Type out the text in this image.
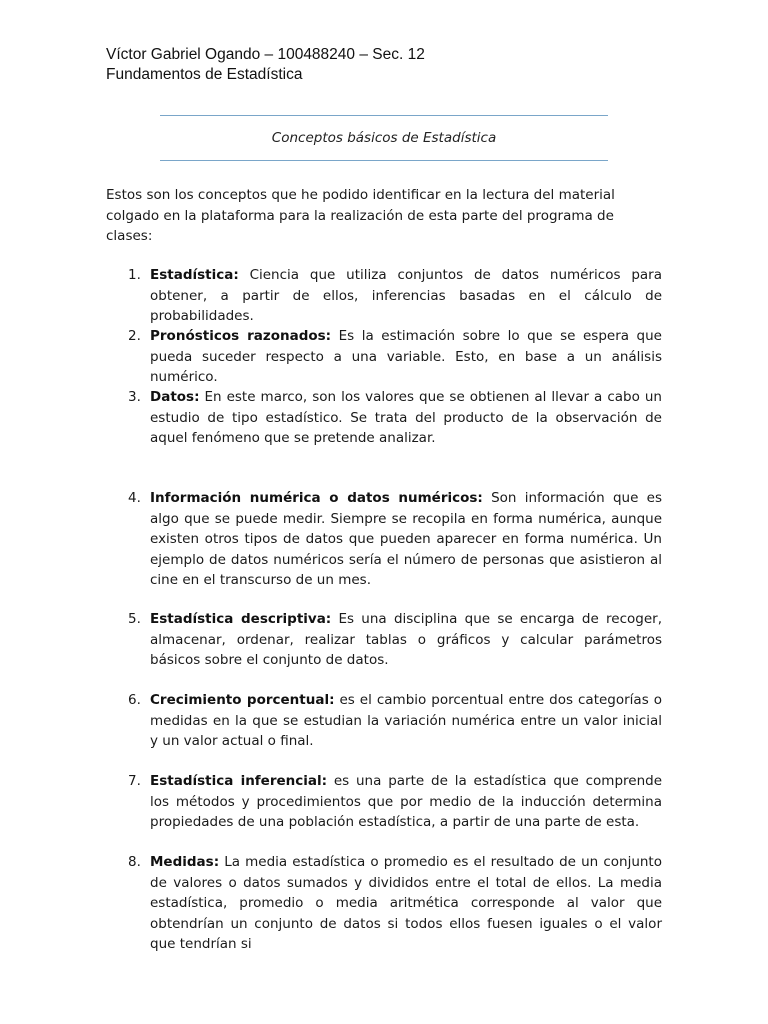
Víctor Gabriel Ogando – 100488240 – Sec. 12
Fundamentos de Estadística
Conceptos básicos de Estadística
Estos son los conceptos que he podido identificar en la lectura del material colgado en la plataforma para la realización de esta parte del programa de clases:
1. Estadística: Ciencia que utiliza conjuntos de datos numéricos para obtener, a partir de ellos, inferencias basadas en el cálculo de probabilidades.
2. Pronósticos razonados: Es la estimación sobre lo que se espera que pueda suceder respecto a una variable. Esto, en base a un análisis numérico.
3. Datos: En este marco, son los valores que se obtienen al llevar a cabo un estudio de tipo estadístico. Se trata del producto de la observación de aquel fenómeno que se pretende analizar.
4. Información numérica o datos numéricos: Son información que es algo que se puede medir. Siempre se recopila en forma numérica, aunque existen otros tipos de datos que pueden aparecer en forma numérica. Un ejemplo de datos numéricos sería el número de personas que asistieron al cine en el transcurso de un mes.
5. Estadística descriptiva: Es una disciplina que se encarga de recoger, almacenar, ordenar, realizar tablas o gráficos y calcular parámetros básicos sobre el conjunto de datos.
6. Crecimiento porcentual: es el cambio porcentual entre dos categorías o medidas en la que se estudian la variación numérica entre un valor inicial y un valor actual o final.
7. Estadística inferencial: es una parte de la estadística que comprende los métodos y procedimientos que por medio de la inducción determina propiedades de una población estadística, a partir de una parte de esta.
8. Medidas: La media estadística o promedio es el resultado de un conjunto de valores o datos sumados y divididos entre el total de ellos. La media estadística, promedio o media aritmética corresponde al valor que obtendrían un conjunto de datos si todos ellos fuesen iguales o el valor que tendrían si
